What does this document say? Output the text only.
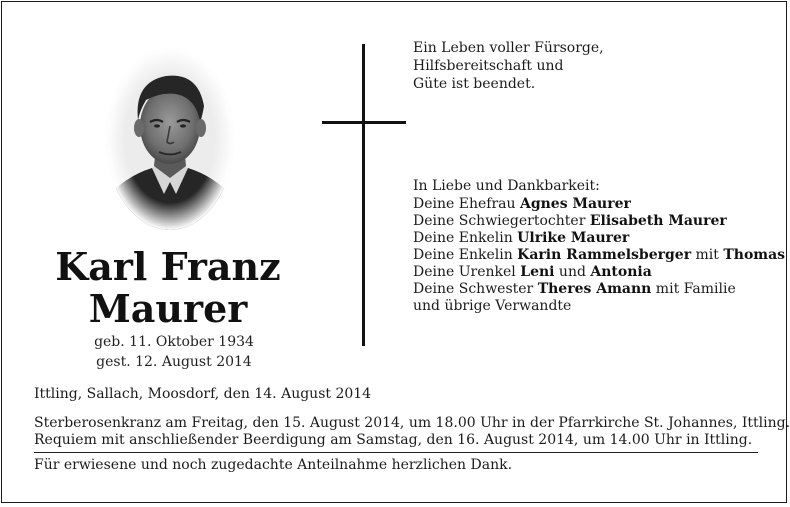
Karl Franz
Maurer
geb. 11. Oktober 1934
gest. 12. August 2014
Ein Leben voller Fürsorge,
Hilfsbereitschaft und
Güte ist beendet.
In Liebe und Dankbarkeit:
Deine Ehefrau Agnes Maurer
Deine Schwiegertochter Elisabeth Maurer
Deine Enkelin Ulrike Maurer
Deine Enkelin Karin Rammelsberger mit Thomas
Deine Urenkel Leni und Antonia
Deine Schwester Theres Amann mit Familie
und übrige Verwandte
Ittling, Sallach, Moosdorf, den 14. August 2014
Sterberosenkranz am Freitag, den 15. August 2014, um 18.00 Uhr in der Pfarrkirche St. Johannes, Ittling.
Requiem mit anschließender Beerdigung am Samstag, den 16. August 2014, um 14.00 Uhr in Ittling.
Für erwiesene und noch zugedachte Anteilnahme herzlichen Dank.
